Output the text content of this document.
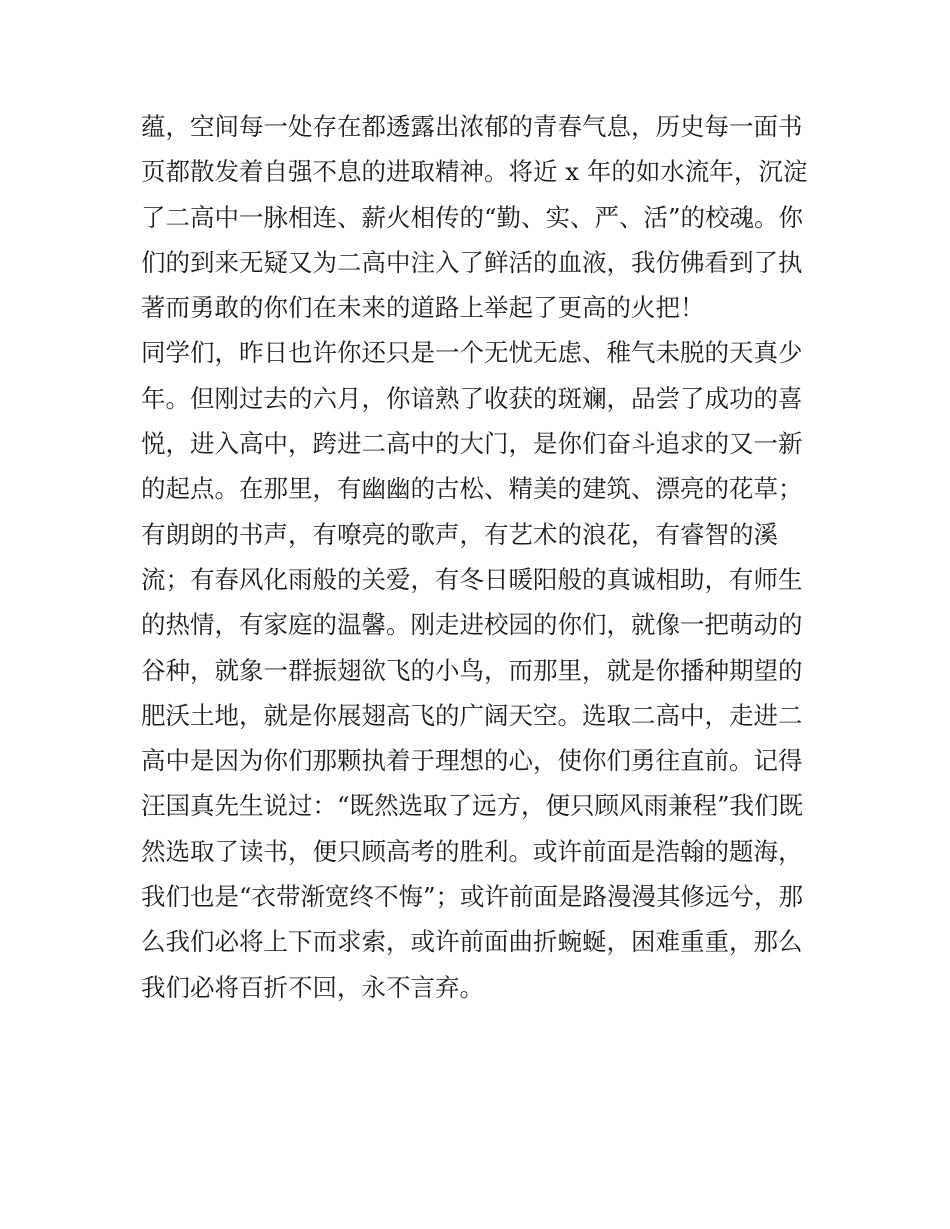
蕴，空间每一处存在都透露出浓郁的青春气息，历史每一面书
页都散发着自强不息的进取精神。将近 x 年的如水流年，沉淀
了二高中一脉相连、薪火相传的“勤、实、严、活”的校魂。你
们的到来无疑又为二高中注入了鲜活的血液，我仿佛看到了执
著而勇敢的你们在未来的道路上举起了更高的火把！
同学们，昨日也许你还只是一个无忧无虑、稚气未脱的天真少
年。但刚过去的六月，你谙熟了收获的斑斓，品尝了成功的喜
悦，进入高中，跨进二高中的大门，是你们奋斗追求的又一新
的起点。在那里，有幽幽的古松、精美的建筑、漂亮的花草；
有朗朗的书声，有嘹亮的歌声，有艺术的浪花，有睿智的溪
流；有春风化雨般的关爱，有冬日暖阳般的真诚相助，有师生
的热情，有家庭的温馨。刚走进校园的你们，就像一把萌动的
谷种，就象一群振翅欲飞的小鸟，而那里，就是你播种期望的
肥沃土地，就是你展翅高飞的广阔天空。选取二高中，走进二
高中是因为你们那颗执着于理想的心，使你们勇往直前。记得
汪国真先生说过：“既然选取了远方，便只顾风雨兼程”我们既
然选取了读书，便只顾高考的胜利。或许前面是浩翰的题海，
我们也是“衣带渐宽终不悔”；或许前面是路漫漫其修远兮，那
么我们必将上下而求索，或许前面曲折蜿蜒，困难重重，那么
我们必将百折不回，永不言弃。
